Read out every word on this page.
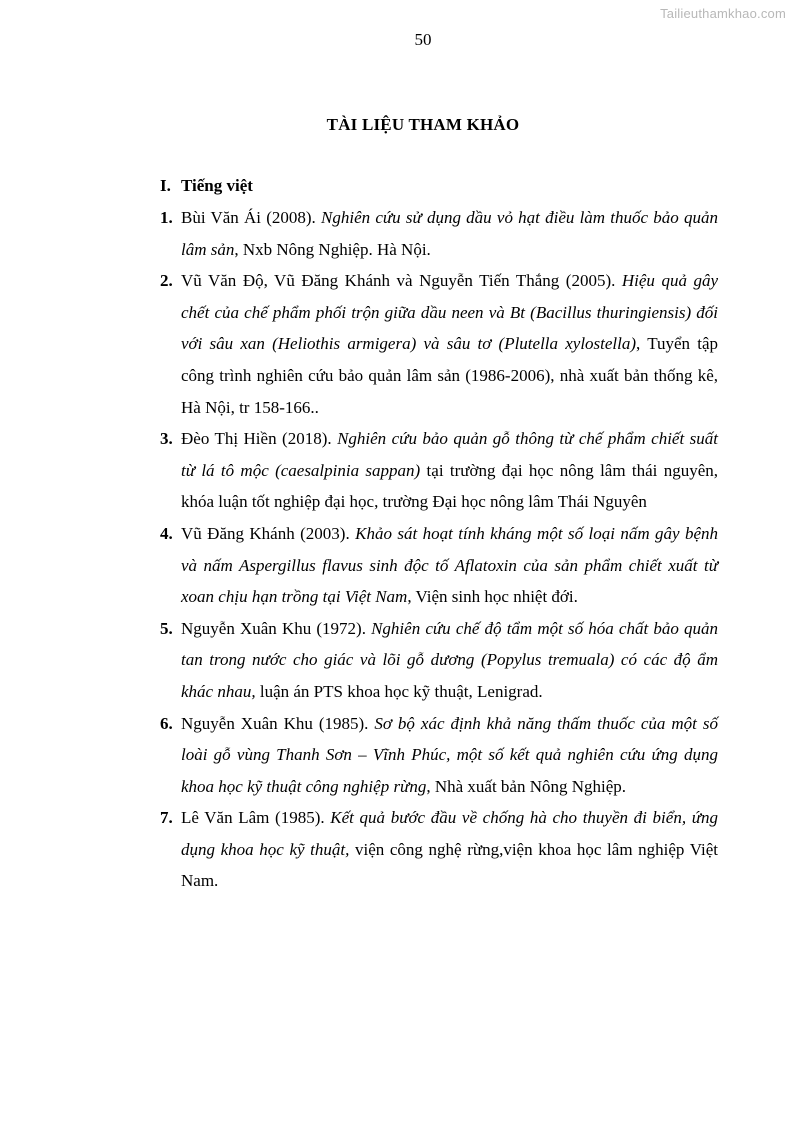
Tailieuthamkhao.com
50
TÀI LIỆU THAM KHẢO
I. Tiếng việt
1. Bùi Văn Ái (2008). Nghiên cứu sử dụng dầu vỏ hạt điều làm thuốc bảo quản lâm sản, Nxb Nông Nghiệp. Hà Nội.
2. Vũ Văn Độ, Vũ Đăng Khánh và Nguyễn Tiến Thắng (2005). Hiệu quả gây chết của chế phẩm phối trộn giữa dầu neen và Bt (Bacillus thuringiensis) đối với sâu xan (Heliothis armigera) và sâu tơ (Plutella xylostella), Tuyển tập công trình nghiên cứu bảo quản lâm sản (1986-2006), nhà xuất bản thống kê, Hà Nội, tr 158-166..
3. Đèo Thị Hiền (2018). Nghiên cứu bảo quản gỗ thông từ chế phẩm chiết suất từ lá tô mộc (caesalpinia sappan) tại trường đại học nông lâm thái nguyên, khóa luận tốt nghiệp đại học, trường Đại học nông lâm Thái Nguyên
4. Vũ Đăng Khánh (2003). Khảo sát hoạt tính kháng một số loại nấm gây bệnh và nấm Aspergillus flavus sinh độc tố Aflatoxin của sản phẩm chiết xuất từ xoan chịu hạn trồng tại Việt Nam, Viện sinh học nhiệt đới.
5. Nguyễn Xuân Khu (1972). Nghiên cứu chế độ tẩm một số hóa chất bảo quản tan trong nước cho giác và lõi gỗ dương (Popylus tremuala) có các độ ẩm khác nhau, luận án PTS khoa học kỹ thuật, Lenigrad.
6. Nguyễn Xuân Khu (1985). Sơ bộ xác định khả năng thấm thuốc của một số loài gỗ vùng Thanh Sơn – Vĩnh Phúc, một số kết quả nghiên cứu ứng dụng khoa học kỹ thuật công nghiệp rừng, Nhà xuất bản Nông Nghiệp.
7. Lê Văn Lâm (1985). Kết quả bước đầu về chống hà cho thuyền đi biển, ứng dụng khoa học kỹ thuật, viện công nghệ rừng,viện khoa học lâm nghiệp Việt Nam.
